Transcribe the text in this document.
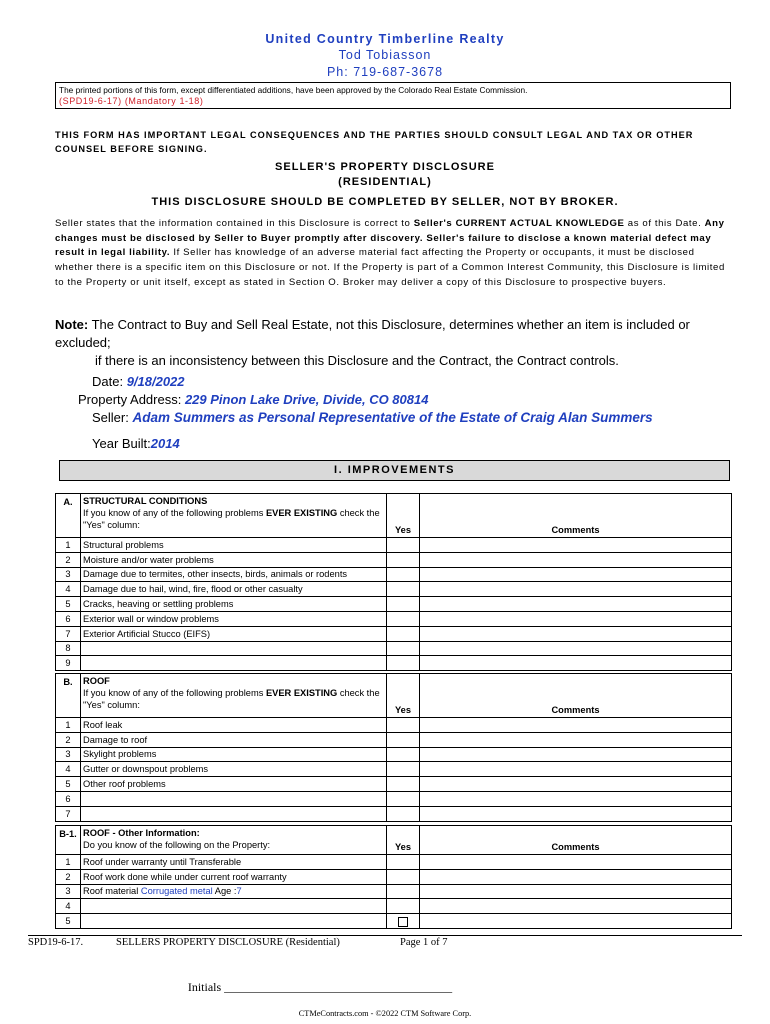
United Country Timberline Realty
Tod Tobiasson
Ph: 719-687-3678
The printed portions of this form, except differentiated additions, have been approved by the Colorado Real Estate Commission.
(SPD19-6-17) (Mandatory 1-18)
THIS FORM HAS IMPORTANT LEGAL CONSEQUENCES AND THE PARTIES SHOULD CONSULT LEGAL AND TAX OR OTHER COUNSEL BEFORE SIGNING.
SELLER'S PROPERTY DISCLOSURE
(RESIDENTIAL)
THIS DISCLOSURE SHOULD BE COMPLETED BY SELLER, NOT BY BROKER.
Seller states that the information contained in this Disclosure is correct to Seller's CURRENT ACTUAL KNOWLEDGE as of this Date. Any changes must be disclosed by Seller to Buyer promptly after discovery. Seller's failure to disclose a known material defect may result in legal liability. If Seller has knowledge of an adverse material fact affecting the Property or occupants, it must be disclosed whether there is a specific item on this Disclosure or not. If the Property is part of a Common Interest Community, this Disclosure is limited to the Property or unit itself, except as stated in Section O. Broker may deliver a copy of this Disclosure to prospective buyers.
Note: The Contract to Buy and Sell Real Estate, not this Disclosure, determines whether an item is included or excluded;
if there is an inconsistency between this Disclosure and the Contract, the Contract controls.
Date: 9/18/2022
Property Address: 229 Pinon Lake Drive, Divide, CO 80814
Seller: Adam Summers as Personal Representative of the Estate of Craig Alan Summers
Year Built:2014
I. IMPROVEMENTS
A.	STRUCTURAL CONDITIONS
If you know of any of the following problems EVER EXISTING check the "Yes" column:	Yes	Comments
1	Structural problems		
2	Moisture and/or water problems		
3	Damage due to termites, other insects, birds, animals or rodents		
4	Damage due to hail, wind, fire, flood or other casualty		
5	Cracks, heaving or settling problems		
6	Exterior wall or window problems		
7	Exterior Artificial Stucco (EIFS)		
8			
9			
B.	ROOF
If you know of any of the following problems EVER EXISTING check the "Yes" column:	Yes	Comments
1	Roof leak		
2	Damage to roof		
3	Skylight problems		
4	Gutter or downspout problems		
5	Other roof problems		
6			
7			
B-1.	ROOF - Other Information:
Do you know of the following on the Property:	Yes	Comments
1	Roof under warranty until Transferable		
2	Roof work done while under current roof warranty		
3	Roof material Corrugated metal Age :7		
4			
5			
SPD19-6-17.	SELLERS PROPERTY DISCLOSURE (Residential)	Page 1 of 7
Initials ______________________________________
CTMeContracts.com - ©2022 CTM Software Corp.
